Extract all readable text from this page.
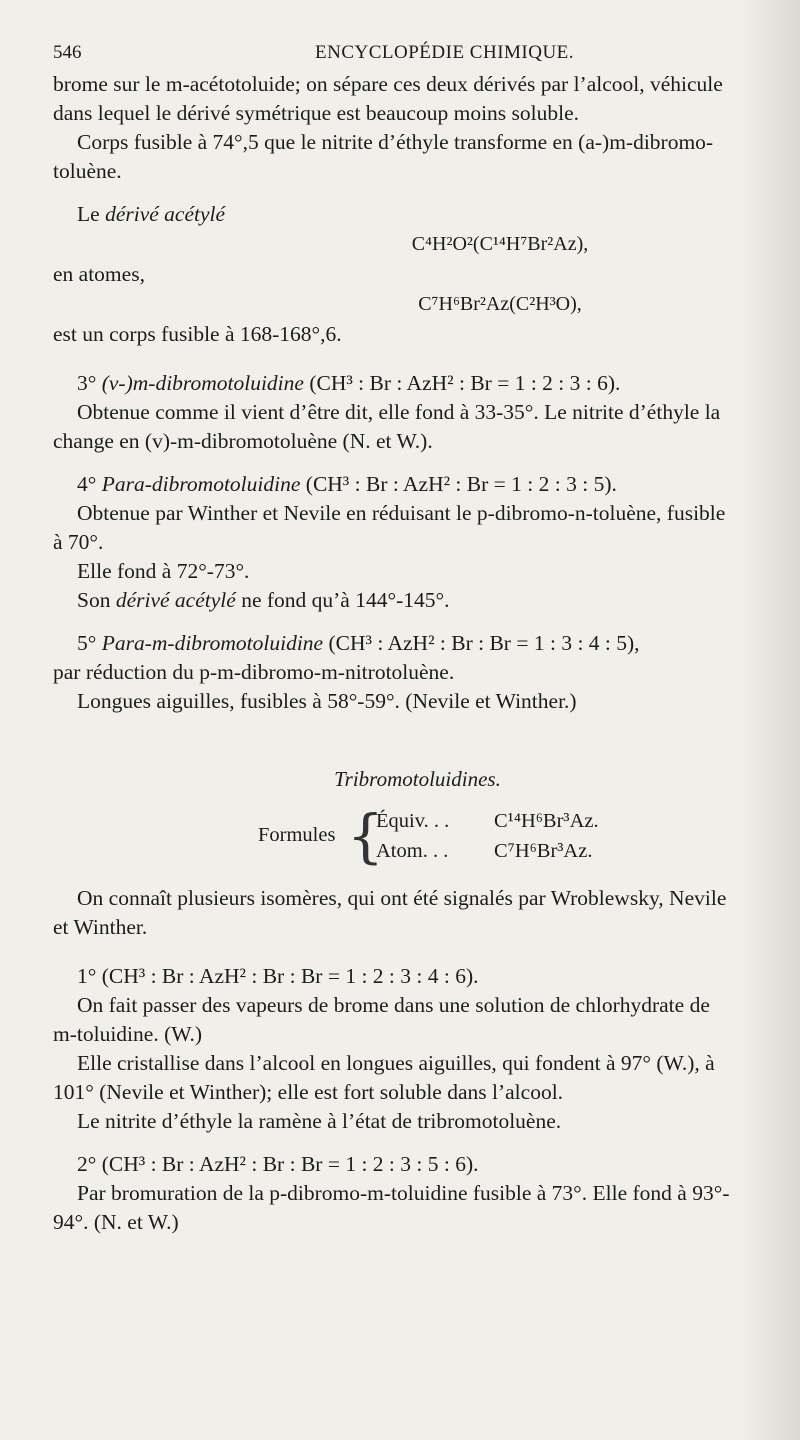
546	ENCYCLOPÉDIE CHIMIQUE.

brome sur le m-acétotoluide; on sépare ces deux dérivés par l’alcool, véhicule

dans lequel le dérivé symétrique est beaucoup moins soluble.

Corps fusible à 74°,5 que le nitrite d’éthyle transforme en (a-)m-dibromo-

toluène.

Le dérivé acétylé

C⁴H²O²(C¹⁴H⁷Br²Az),

en atomes,

C⁷H⁶Br²Az(C²H³O),

est un corps fusible à 168-168°,6.

3° (v-)m-dibromotoluidine (CH³ : Br : AzH² : Br = 1 : 2 : 3 : 6).

Obtenue comme il vient d’être dit, elle fond à 33-35°. Le nitrite d’éthyle la

change en (v)-m-dibromotoluène (N. et W.).

4° Para-dibromotoluidine (CH³ : Br : AzH² : Br = 1 : 2 : 3 : 5).

Obtenue par Winther et Nevile en réduisant le p-dibromo-n-toluène, fusible

à 70°.

Elle fond à 72°-73°.

Son dérivé acétylé ne fond qu’à 144°-145°.

5° Para-m-dibromotoluidine (CH³ : AzH² : Br : Br = 1 : 3 : 4 : 5),

par réduction du p-m-dibromo-m-nitrotoluène.

Longues aiguilles, fusibles à 58°-59°. (Nevile et Winther.)

Tribromotoluidines.

Formules {
Équiv. . . C¹⁴H⁶Br³Az.
Atom. . . C⁷H⁶Br³Az.

On connaît plusieurs isomères, qui ont été signalés par Wroblewsky, Nevile

et Winther.

1° (CH³ : Br : AzH² : Br : Br = 1 : 2 : 3 : 4 : 6).

On fait passer des vapeurs de brome dans une solution de chlorhydrate de

m-toluidine. (W.)

Elle cristallise dans l’alcool en longues aiguilles, qui fondent à 97° (W.), à

101° (Nevile et Winther); elle est fort soluble dans l’alcool.

Le nitrite d’éthyle la ramène à l’état de tribromotoluène.

2° (CH³ : Br : AzH² : Br : Br = 1 : 2 : 3 : 5 : 6).

Par bromuration de la p-dibromo-m-toluidine fusible à 73°. Elle fond à 93°-

94°. (N. et W.)
